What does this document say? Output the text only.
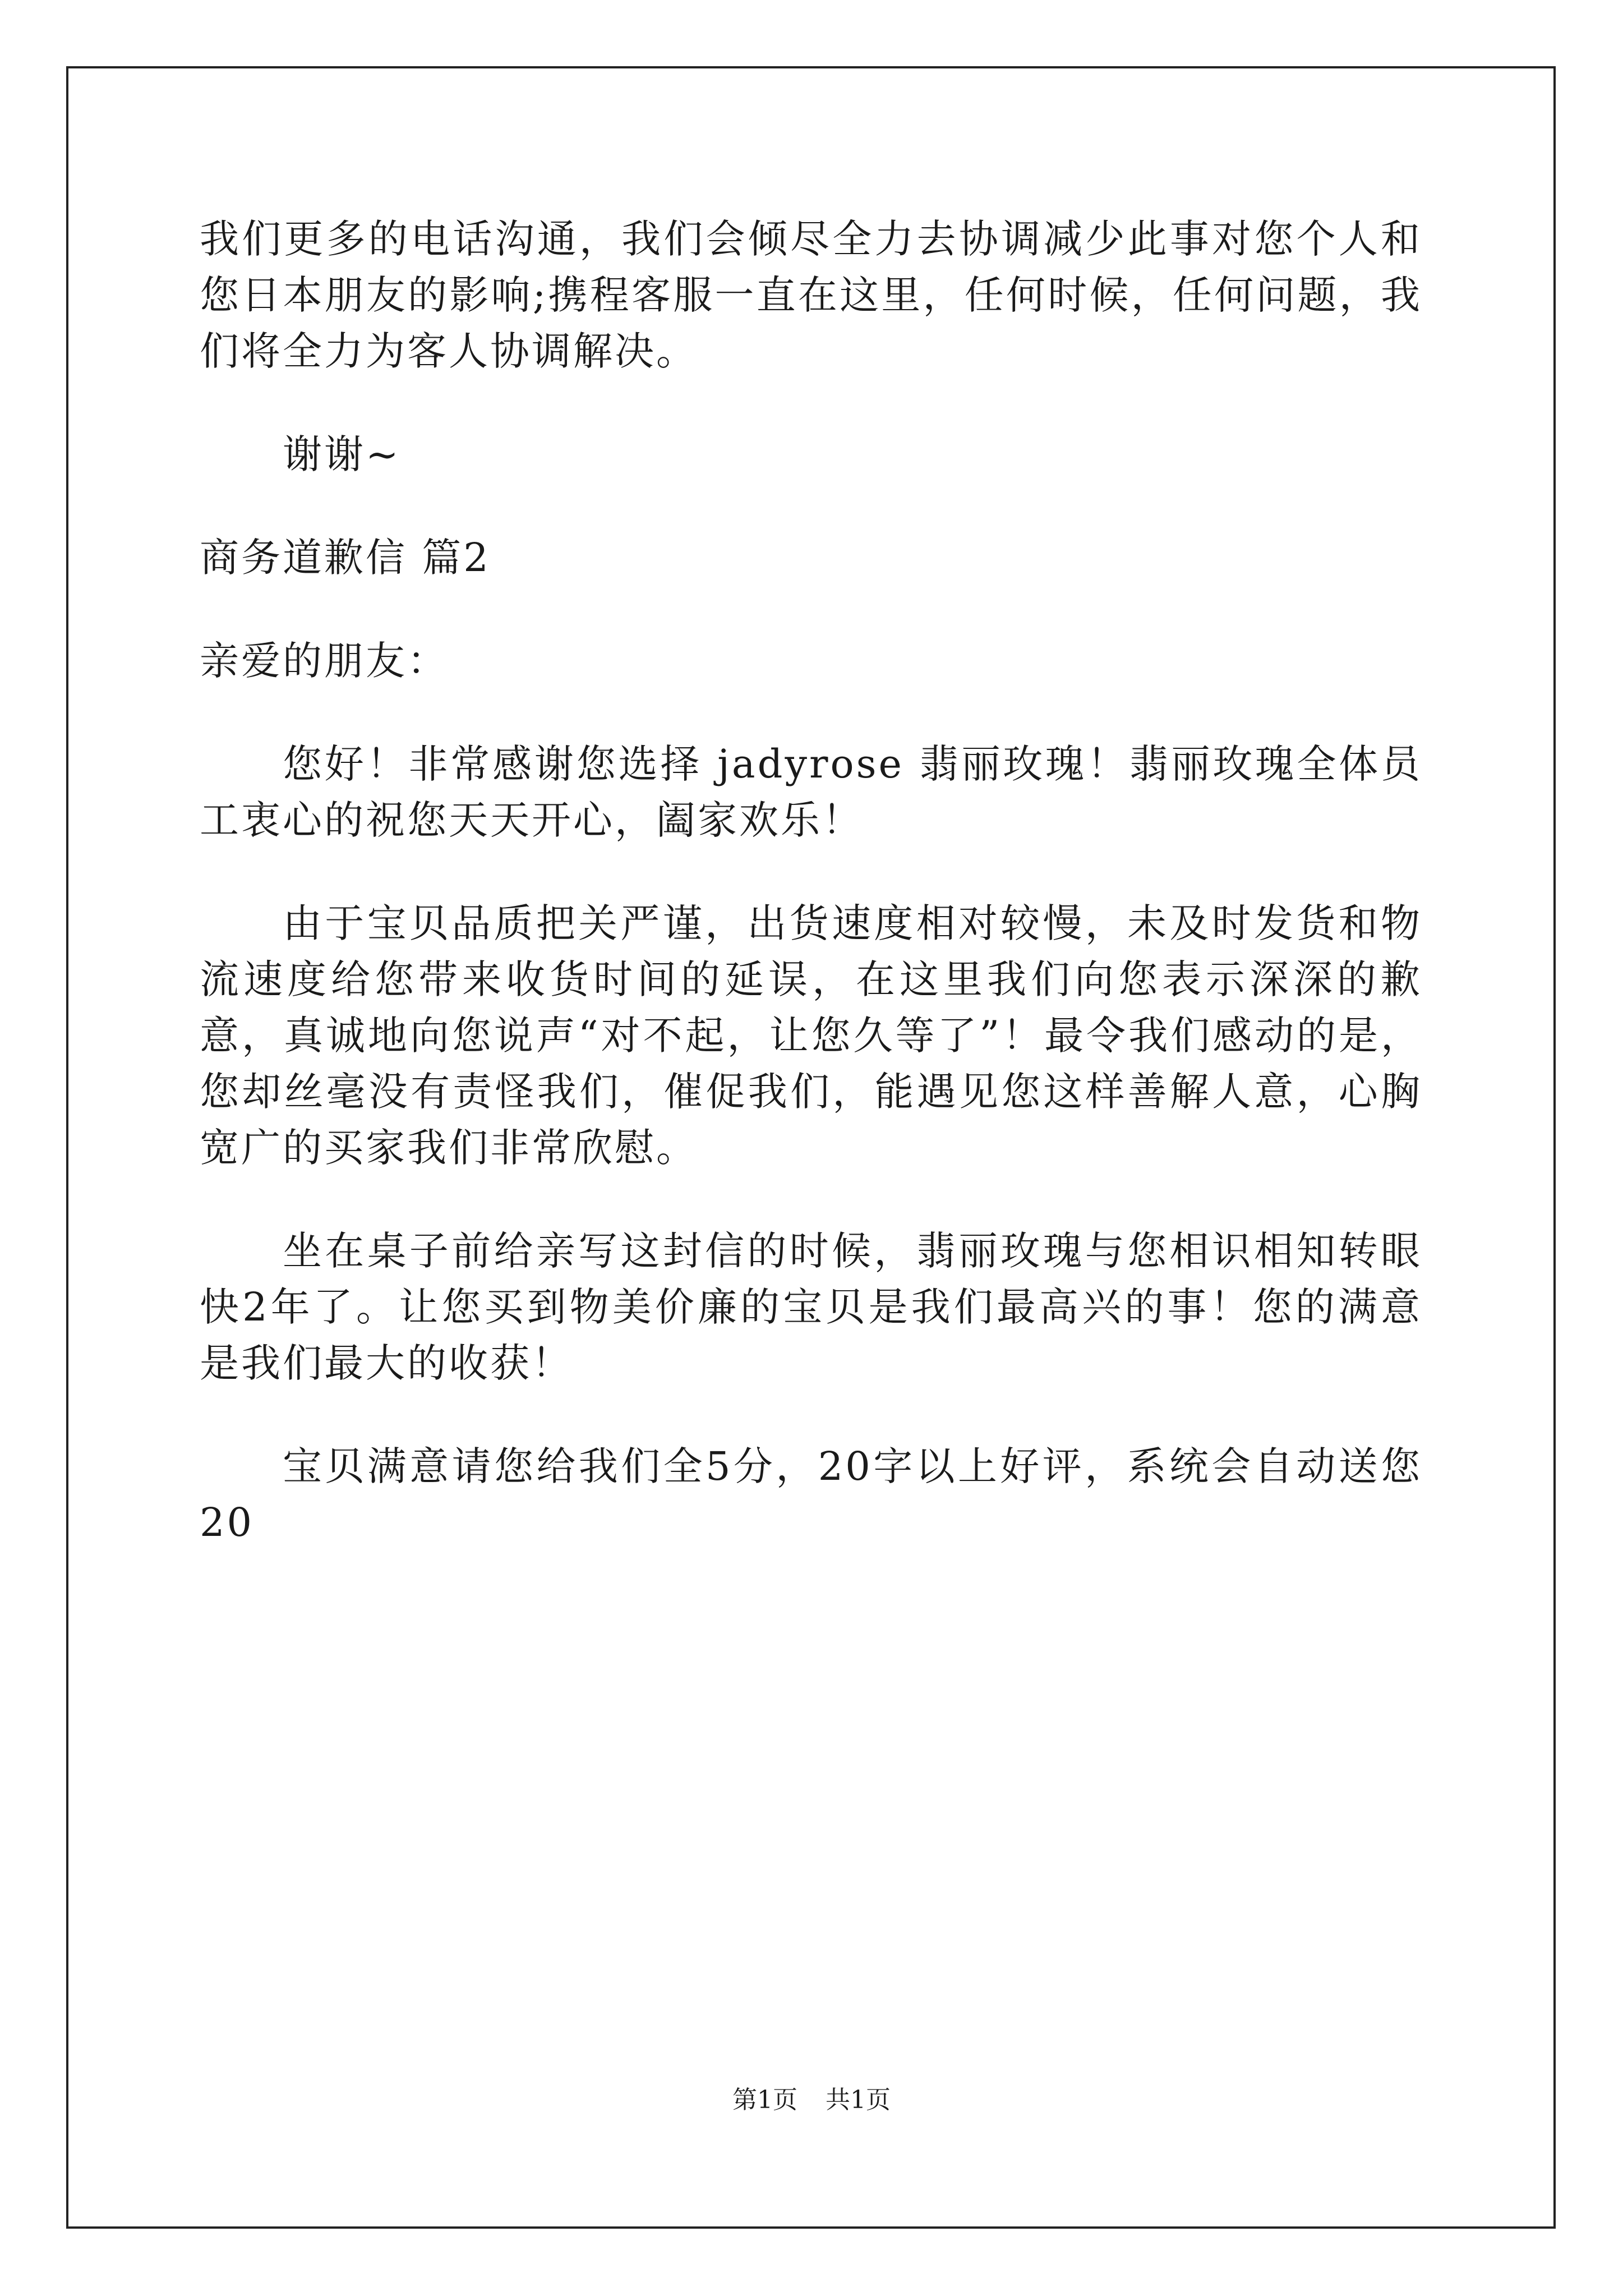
我们更多的电话沟通，我们会倾尽全力去协调减少此事对您个人和您日本朋友的影响;携程客服一直在这里，任何时候，任何问题，我们将全力为客人协调解决。

谢谢~

商务道歉信 篇2

亲爱的朋友：

您好！非常感谢您选择 jadyrose 翡丽玫瑰！翡丽玫瑰全体员工衷心的祝您天天开心，阖家欢乐！

由于宝贝品质把关严谨，出货速度相对较慢，未及时发货和物流速度给您带来收货时间的延误，在这里我们向您表示深深的歉意，真诚地向您说声“对不起，让您久等了”！最令我们感动的是，您却丝毫没有责怪我们，催促我们，能遇见您这样善解人意，心胸宽广的买家我们非常欣慰。

坐在桌子前给亲写这封信的时候，翡丽玫瑰与您相识相知转眼快2年了。让您买到物美价廉的宝贝是我们最高兴的事！您的满意是我们最大的收获！

宝贝满意请您给我们全5分，20字以上好评，系统会自动送您20

第1页 共1页
